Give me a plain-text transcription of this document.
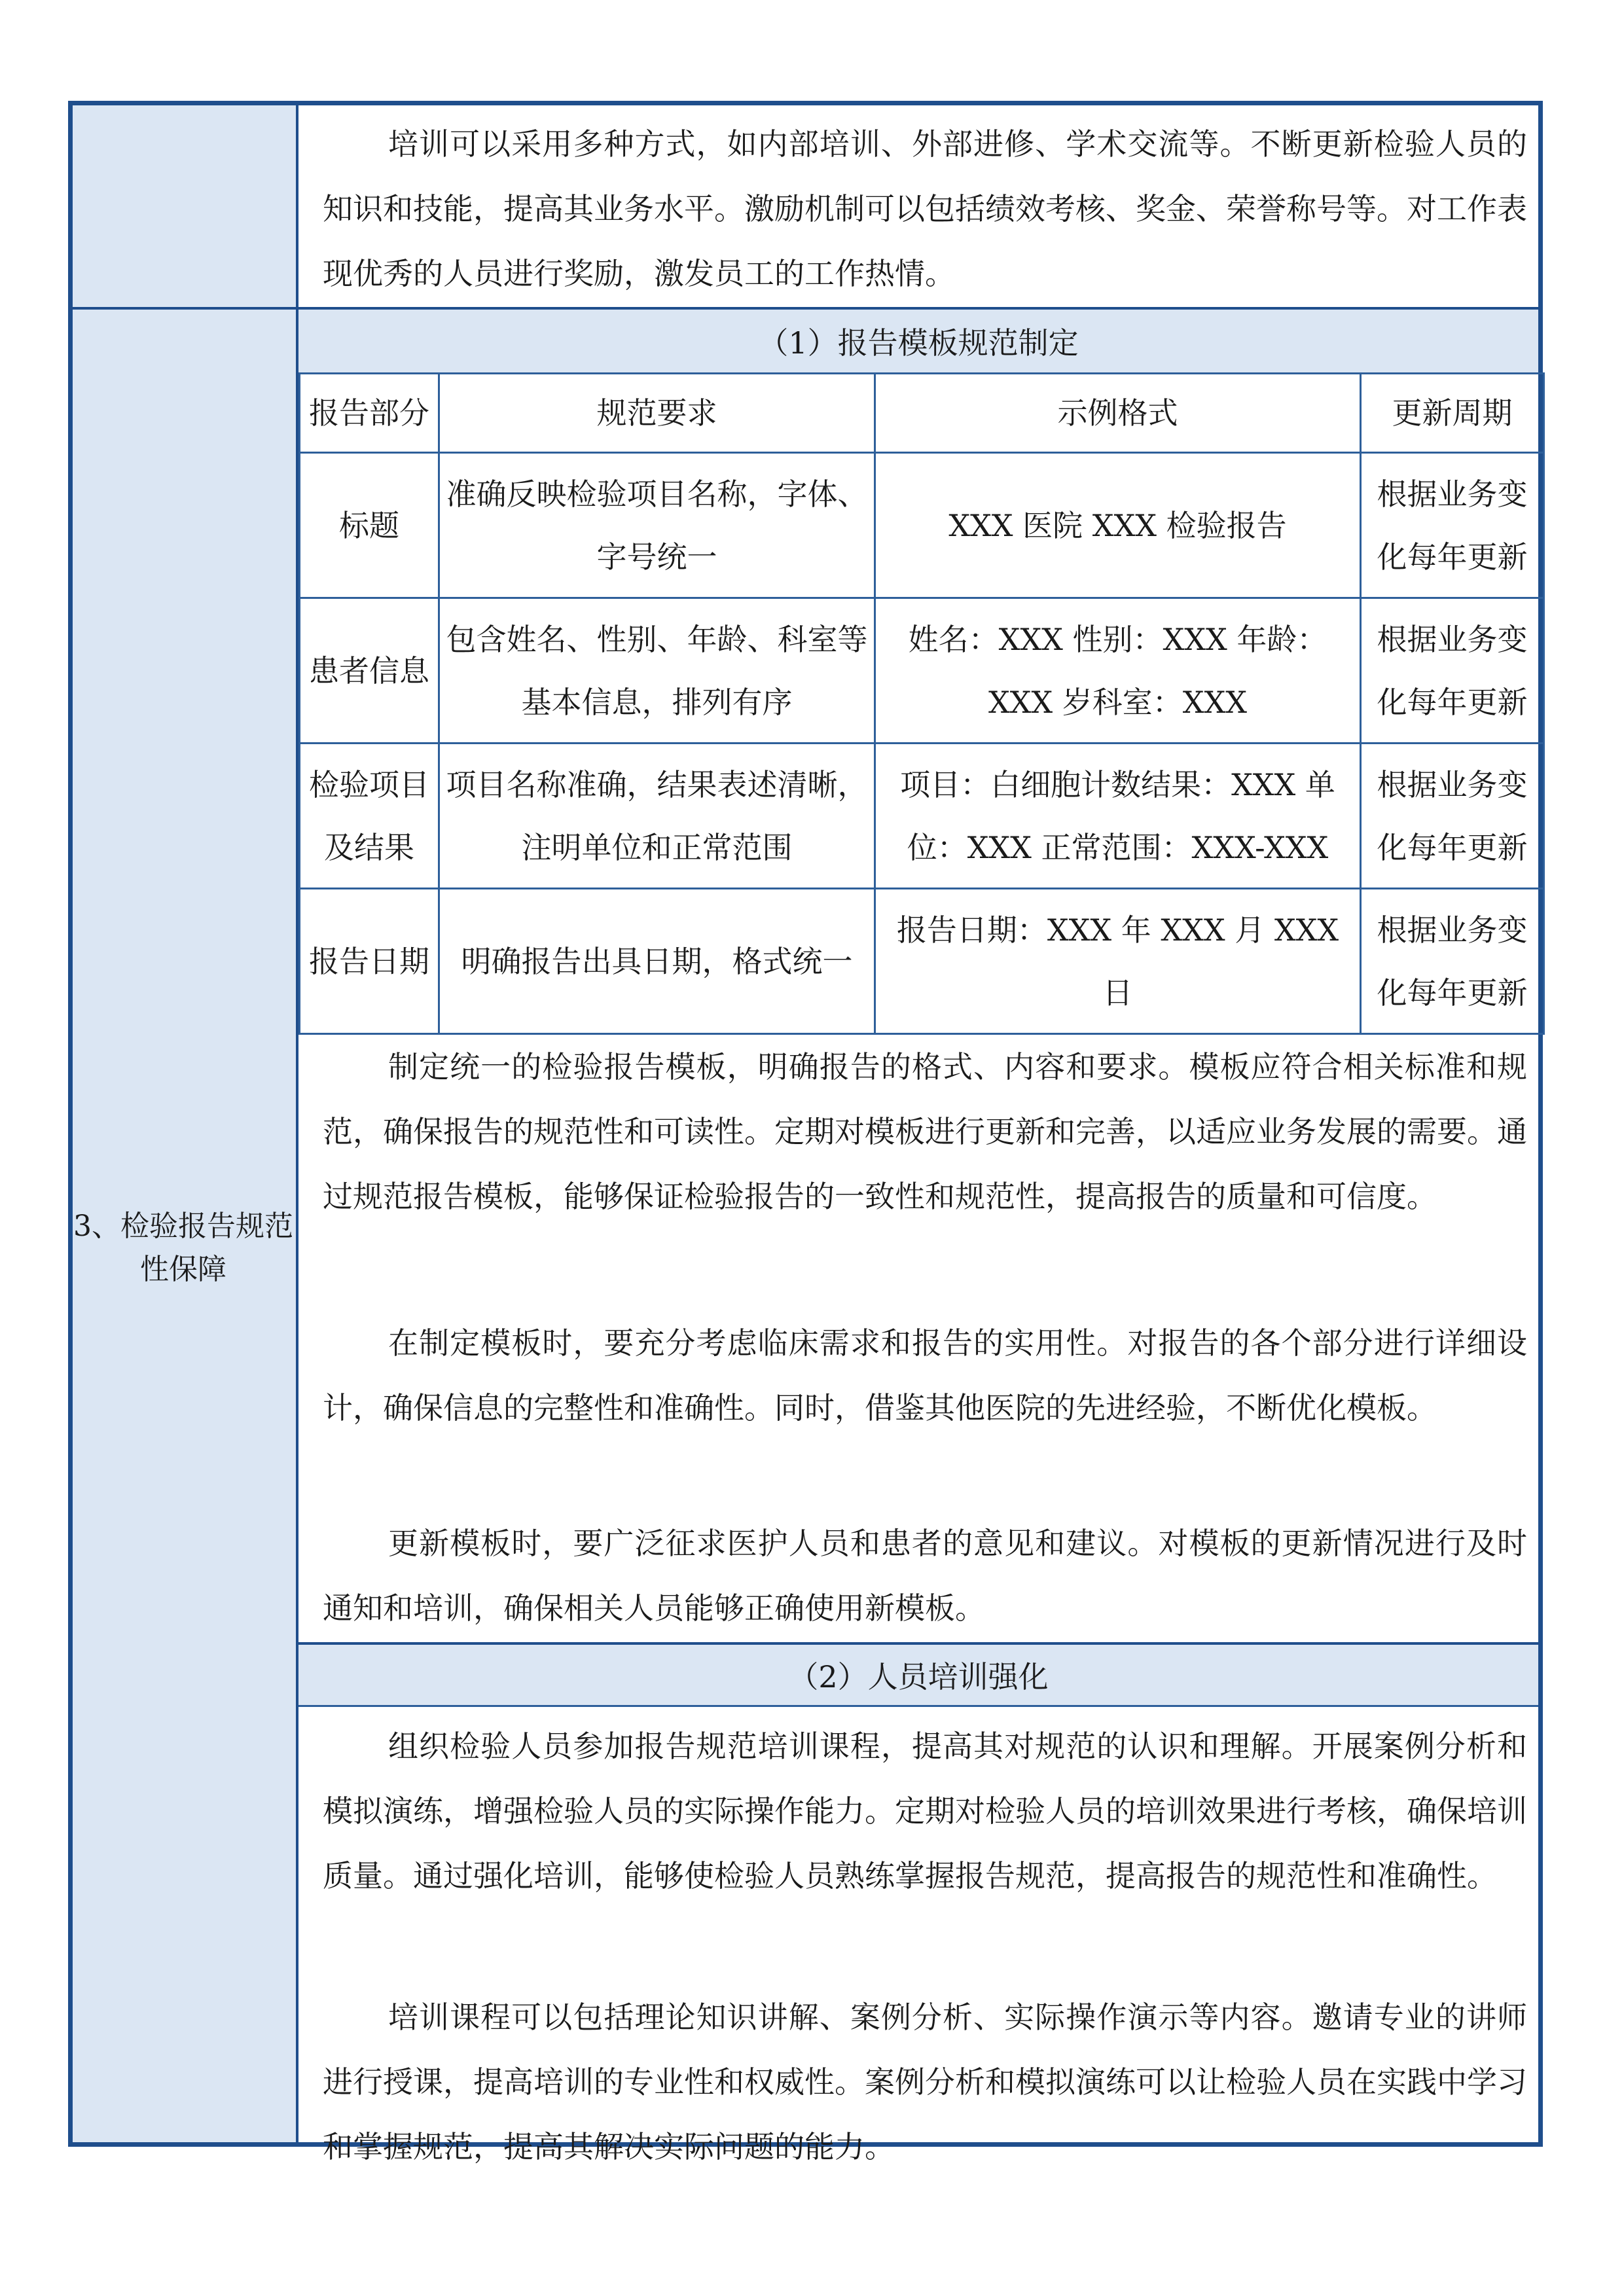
培训可以采用多种方式，如内部培训、外部进修、学术交流等。不断更新检验人员的知识和技能，提高其业务水平。激励机制可以包括绩效考核、奖金、荣誉称号等。对工作表现优秀的人员进行奖励，激发员工的工作热情。

3、检验报告规范性保障
（1）报告模板规范制定
报告部分	规范要求	示例格式	更新周期
标题	准确反映检验项目名称，字体、字号统一	XXX 医院 XXX 检验报告	根据业务变化每年更新
患者信息	包含姓名、性别、年龄、科室等基本信息，排列有序	姓名：XXX 性别：XXX 年龄：XXX 岁科室：XXX	根据业务变化每年更新
检验项目及结果	项目名称准确，结果表述清晰，注明单位和正常范围	项目：白细胞计数结果：XXX 单位：XXX 正常范围：XXX-XXX	根据业务变化每年更新
报告日期	明确报告出具日期，格式统一	报告日期：XXX 年 XXX 月 XXX 日	根据业务变化每年更新

制定统一的检验报告模板，明确报告的格式、内容和要求。模板应符合相关标准和规范，确保报告的规范性和可读性。定期对模板进行更新和完善，以适应业务发展的需要。通过规范报告模板，能够保证检验报告的一致性和规范性，提高报告的质量和可信度。

在制定模板时，要充分考虑临床需求和报告的实用性。对报告的各个部分进行详细设计，确保信息的完整性和准确性。同时，借鉴其他医院的先进经验，不断优化模板。

更新模板时，要广泛征求医护人员和患者的意见和建议。对模板的更新情况进行及时通知和培训，确保相关人员能够正确使用新模板。

（2）人员培训强化

组织检验人员参加报告规范培训课程，提高其对规范的认识和理解。开展案例分析和模拟演练，增强检验人员的实际操作能力。定期对检验人员的培训效果进行考核，确保培训质量。通过强化培训，能够使检验人员熟练掌握报告规范，提高报告的规范性和准确性。

培训课程可以包括理论知识讲解、案例分析、实际操作演示等内容。邀请专业的讲师进行授课，提高培训的专业性和权威性。案例分析和模拟演练可以让检验人员在实践中学习和掌握规范，提高其解决实际问题的能力。
